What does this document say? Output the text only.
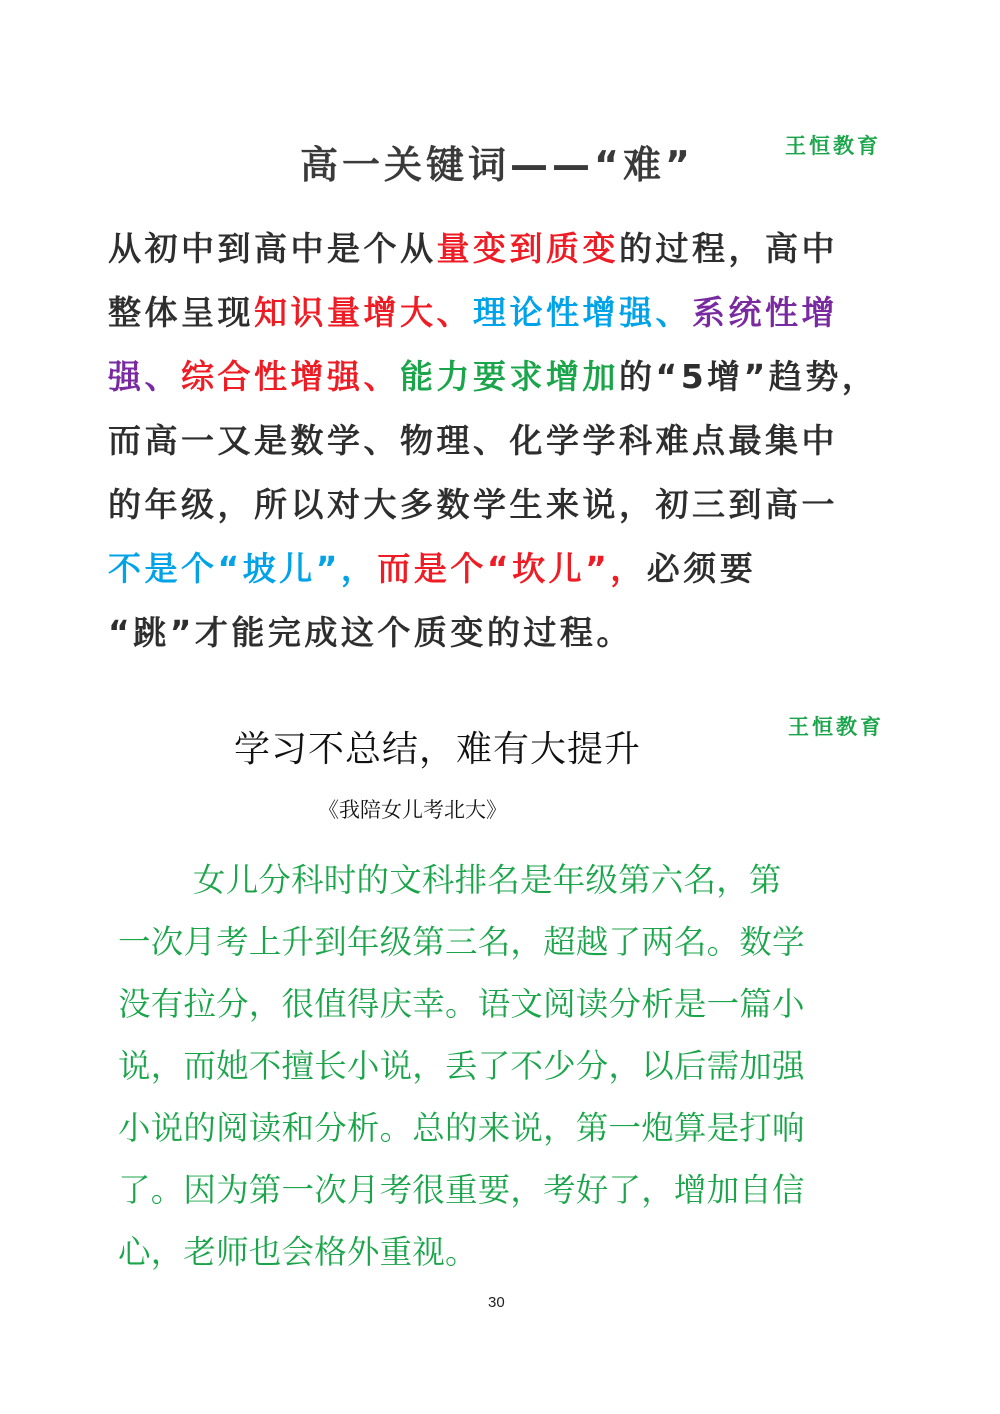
高一关键词——“难”	王恒教育
从初中到高中是个从量变到质变的过程，高中
整体呈现知识量增大、理论性增强、系统性增
强、综合性增强、能力要求增加的“5增”趋势，
而高一又是数学、物理、化学学科难点最集中
的年级，所以对大多数学生来说，初三到高一
不是个“坡儿”，而是个“坎儿”，必须要
“跳”才能完成这个质变的过程。
学习不总结，难有大提升
王恒教育
《我陪女儿考北大》
女儿分科时的文科排名是年级第六名，第
一次月考上升到年级第三名，超越了两名。数学
没有拉分，很值得庆幸。语文阅读分析是一篇小
说，而她不擅长小说，丢了不少分，以后需加强
小说的阅读和分析。总的来说，第一炮算是打响
了。因为第一次月考很重要，考好了，增加自信
心，老师也会格外重视。
30
